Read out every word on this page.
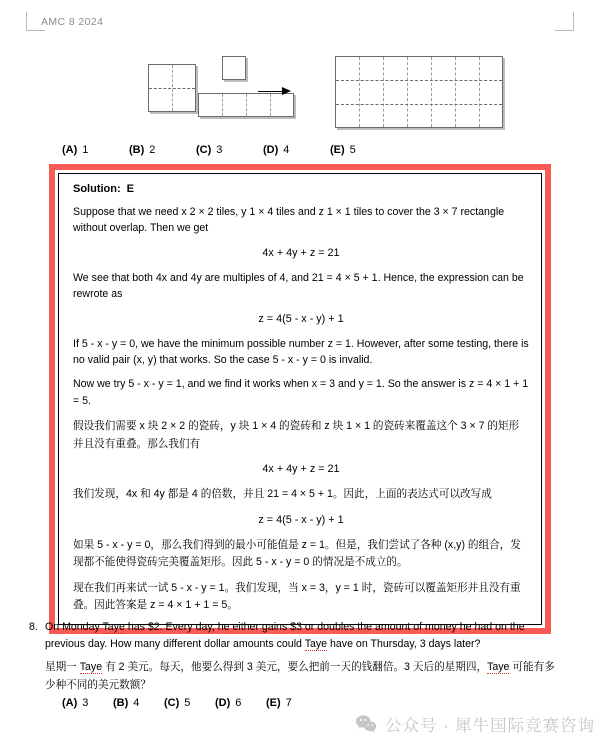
AMC 8 2024
(A) 1	(B) 2	(C) 3	(D) 4	(E) 5
Solution: E

Suppose that we need x 2 × 2 tiles, y 1 × 4 tiles and z 1 × 1 tiles to cover the 3 × 7 rectangle without overlap. Then we get

4x + 4y + z = 21

We see that both 4x and 4y are multiples of 4, and 21 = 4 × 5 + 1. Hence, the expression can be rewrote as

z = 4(5 - x - y) + 1

If 5 - x - y = 0, we have the minimum possible number z = 1. However, after some testing, there is no valid pair (x, y) that works. So the case 5 - x - y = 0 is invalid.

Now we try 5 - x - y = 1, and we find it works when x = 3 and y = 1. So the answer is z = 4 × 1 + 1 = 5.

假设我们需要 x 块 2 × 2 的瓷砖，y 块 1 × 4 的瓷砖和 z 块 1 × 1 的瓷砖来覆盖这个 3 × 7 的矩形并且没有重叠。那么我们有

4x + 4y + z = 21

我们发现，4x 和 4y 都是 4 的倍数，并且 21 = 4 × 5 + 1。因此，上面的表达式可以改写成

z = 4(5 - x - y) + 1

如果 5 - x - y = 0，那么我们得到的最小可能值是 z = 1。但是，我们尝试了各种 (x,y) 的组合，发现都不能使得瓷砖完美覆盖矩形。因此 5 - x - y = 0 的情况是不成立的。

现在我们再来试一试 5 - x - y = 1。我们发现，当 x = 3，y = 1 时，瓷砖可以覆盖矩形并且没有重叠。因此答案是 z = 4 × 1 + 1 = 5。

8. On Monday Taye has $2. Every day, he either gains $3 or doubles the amount of money he had on the previous day. How many different dollar amounts could Taye have on Thursday, 3 days later?

星期一 Taye 有 2 美元。每天，他要么得到 3 美元，要么把前一天的钱翻倍。3 天后的星期四，Taye 可能有多少种不同的美元数额？

(A) 3 (B) 4 (C) 5 (D) 6 (E) 7
公众号 · 犀牛国际竞赛咨询
